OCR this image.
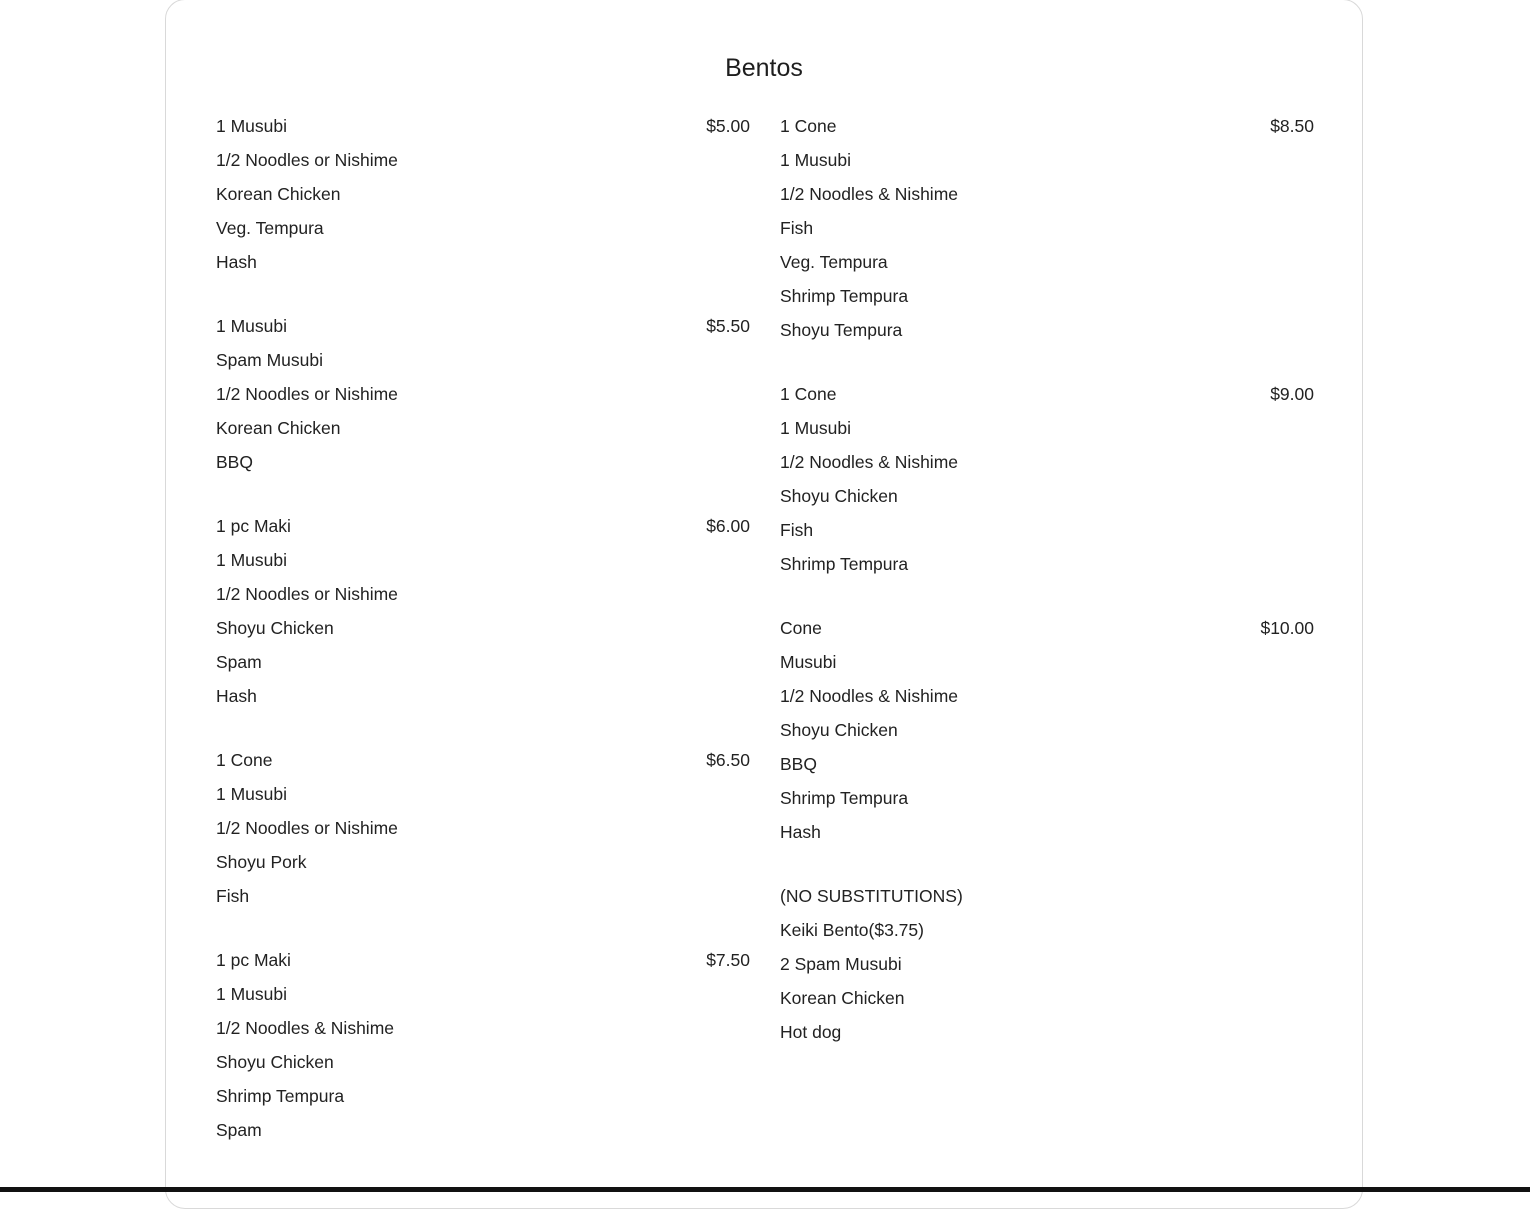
Bentos
1 Musubi	$5.00
1/2 Noodles or Nishime
Korean Chicken
Veg. Tempura
Hash
1 Musubi	$5.50
Spam Musubi
1/2 Noodles or Nishime
Korean Chicken
BBQ
1 pc Maki	$6.00
1 Musubi
1/2 Noodles or Nishime
Shoyu Chicken
Spam
Hash
1 Cone	$6.50
1 Musubi
1/2 Noodles or Nishime
Shoyu Pork
Fish
1 pc Maki	$7.50
1 Musubi
1/2 Noodles & Nishime
Shoyu Chicken
Shrimp Tempura
Spam
1 Cone	$8.50
1 Musubi
1/2 Noodles & Nishime
Fish
Veg. Tempura
Shrimp Tempura
Shoyu Tempura
1 Cone	$9.00
1 Musubi
1/2 Noodles & Nishime
Shoyu Chicken
Fish
Shrimp Tempura
Cone	$10.00
Musubi
1/2 Noodles & Nishime
Shoyu Chicken
BBQ
Shrimp Tempura
Hash
(NO SUBSTITUTIONS)
Keiki Bento($3.75)
2 Spam Musubi
Korean Chicken
Hot dog
